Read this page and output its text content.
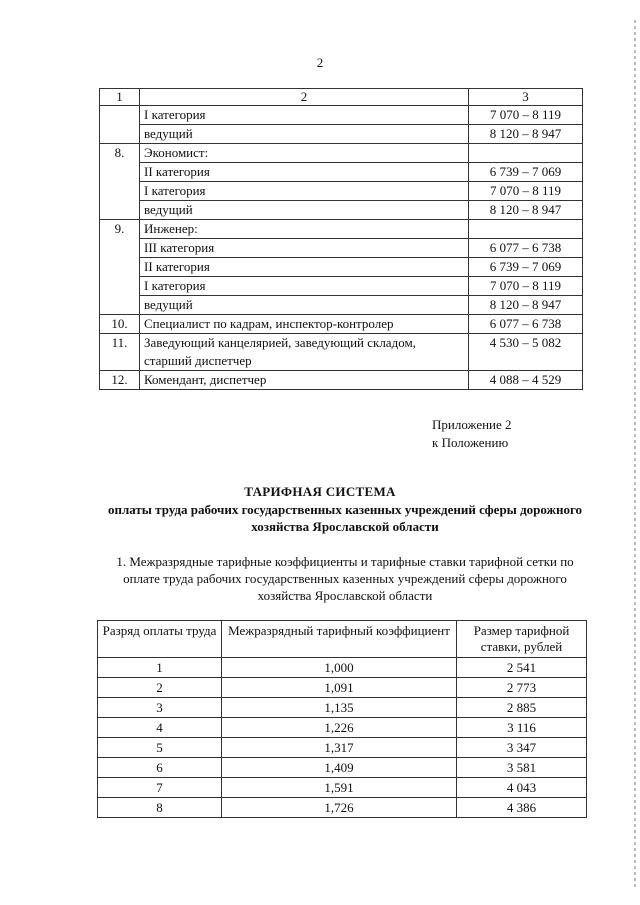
2
1	2	3
	I категория	7 070 – 8 119
	ведущий	8 120 – 8 947
8.	Экономист:	
	II категория	6 739 – 7 069
	I категория	7 070 – 8 119
	ведущий	8 120 – 8 947
9.	Инженер:	
	III категория	6 077 – 6 738
	II категория	6 739 – 7 069
	I категория	7 070 – 8 119
	ведущий	8 120 – 8 947
10.	Специалист по кадрам, инспектор-контролер	6 077 – 6 738
11.	Заведующий канцелярией, заведующий складом, старший диспетчер	4 530 – 5 082
12.	Комендант, диспетчер	4 088 – 4 529
Приложение 2
к Положению
ТАРИФНАЯ СИСТЕМА
оплаты труда рабочих государственных казенных учреждений сферы дорожного хозяйства Ярославской области
1. Межразрядные тарифные коэффициенты и тарифные ставки тарифной сетки по оплате труда рабочих государственных казенных учреждений сферы дорожного хозяйства Ярославской области
Разряд оплаты труда	Межразрядный тарифный коэффициент	Размер тарифной ставки, рублей
1	1,000	2 541
2	1,091	2 773
3	1,135	2 885
4	1,226	3 116
5	1,317	3 347
6	1,409	3 581
7	1,591	4 043
8	1,726	4 386
